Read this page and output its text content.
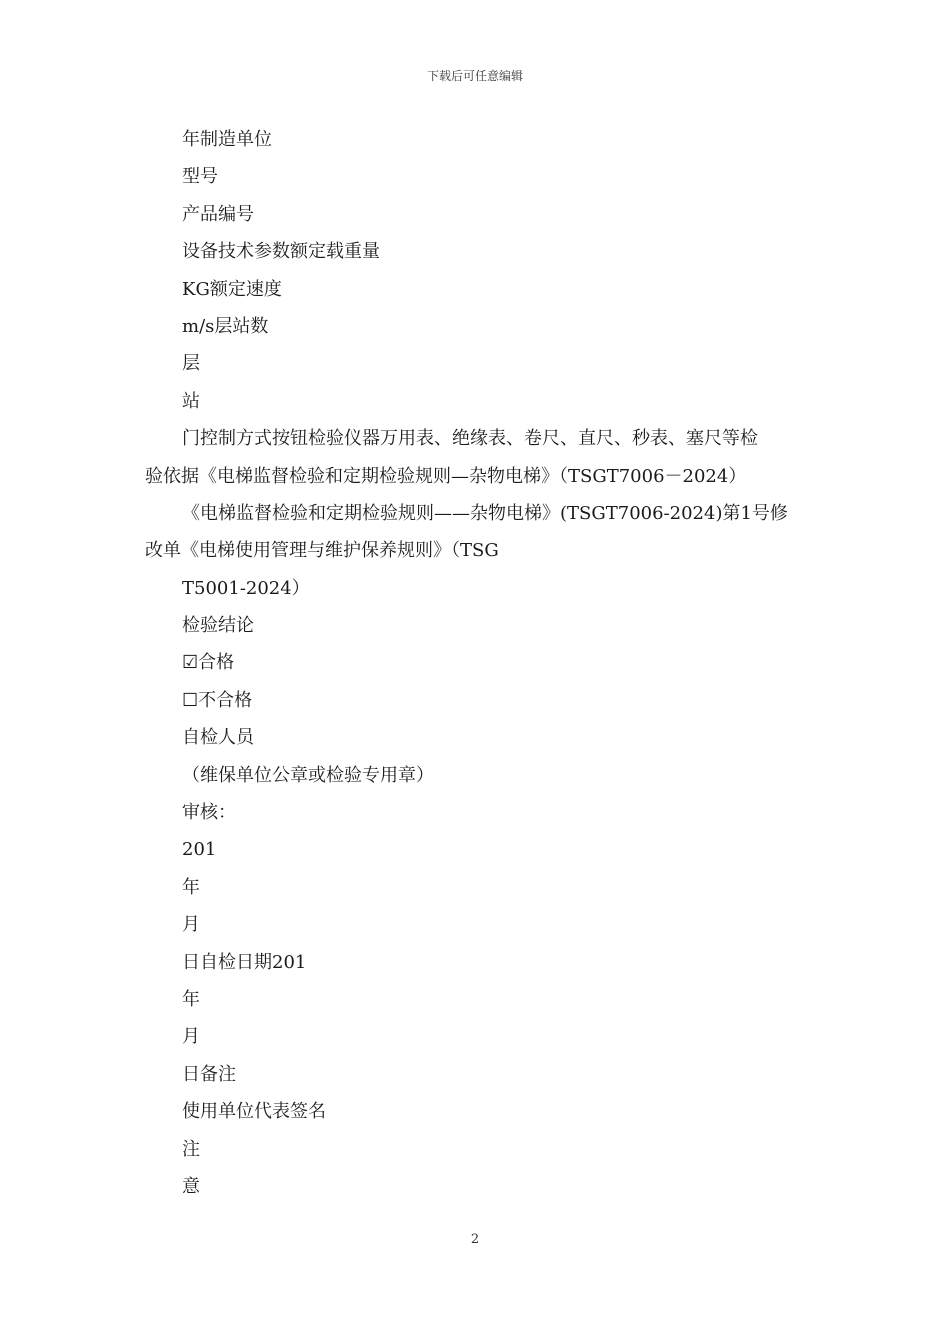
下载后可任意编辑

年制造单位

型号

产品编号

设备技术参数额定载重量

KG额定速度

m/s层站数

层

站

门控制方式按钮检验仪器万用表、绝缘表、卷尺、直尺、秒表、塞尺等检
验依据《电梯监督检验和定期检验规则—杂物电梯》（TSGT7006－2024）
《电梯监督检验和定期检验规则——杂物电梯》(TSGT7006-2024)第1号修
改单《电梯使用管理与维护保养规则》（TSG

T5001-2024）

检验结论

☑合格

☐不合格

自检人员

（维保单位公章或检验专用章）

审核：

201

年

月

日自检日期201

年

月

日备注

使用单位代表签名

注

意

2
